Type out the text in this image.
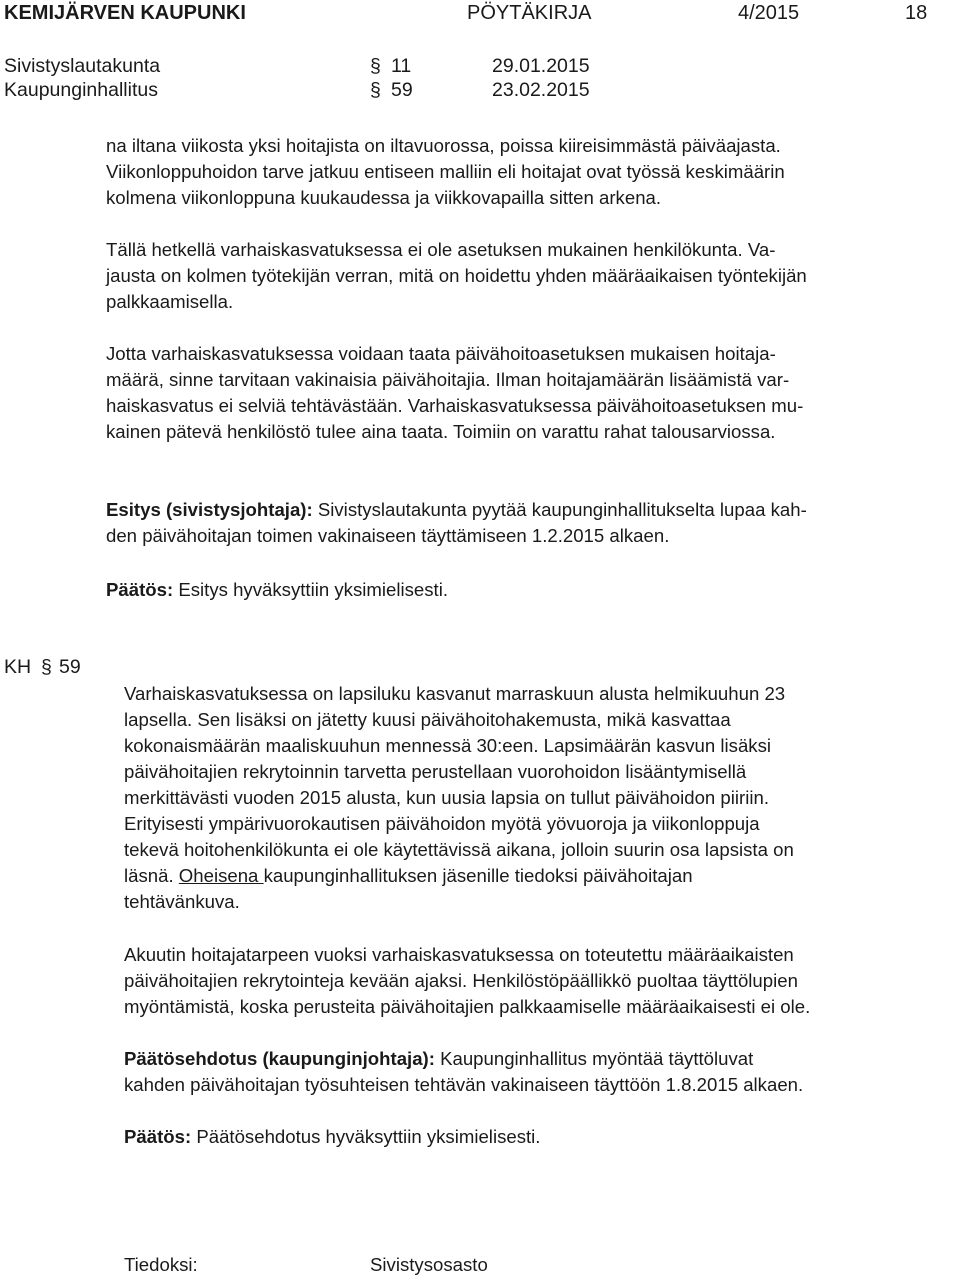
KEMIJÄRVEN KAUPUNKI	PÖYTÄKIRJA	4/2015	18
Sivistyslautakunta	§ 11	29.01.2015
Kaupunginhallitus	§ 59	23.02.2015
na iltana viikosta yksi hoitajista on iltavuorossa, poissa kiireisimmästä päiväajasta.
Viikonloppuhoidon tarve jatkuu entiseen malliin eli hoitajat ovat työssä keskimäärin
kolmena viikonloppuna kuukaudessa ja viikkovapailla sitten arkena.
Tällä hetkellä varhaiskasvatuksessa ei ole asetuksen mukainen henkilökunta. Va-
jausta on kolmen työtekijän verran, mitä on hoidettu yhden määräaikaisen työntekijän
palkkaamisella.
Jotta varhaiskasvatuksessa voidaan taata päivähoitoasetuksen mukaisen hoitaja-
määrä, sinne tarvitaan vakinaisia päivähoitajia. Ilman hoitajamäärän lisäämistä var-
haiskasvatus ei selviä tehtävästään. Varhaiskasvatuksessa päivähoitoasetuksen mu-
kainen pätevä henkilöstö tulee aina taata. Toimiin on varattu rahat talousarviossa.
Esitys (sivistysjohtaja): Sivistyslautakunta pyytää kaupunginhallitukselta lupaa kah-
den päivähoitajan toimen vakinaiseen täyttämiseen 1.2.2015 alkaen.
Päätös: Esitys hyväksyttiin yksimielisesti.
KH § 59
Varhaiskasvatuksessa on lapsiluku kasvanut marraskuun alusta helmikuuhun 23
lapsella. Sen lisäksi on jätetty kuusi päivähoitohakemusta, mikä kasvattaa
kokonaismäärän maaliskuuhun mennessä 30:een. Lapsimäärän kasvun lisäksi
päivähoitajien rekrytoinnin tarvetta perustellaan vuorohoidon lisääntymisellä
merkittävästi vuoden 2015 alusta, kun uusia lapsia on tullut päivähoidon piiriin.
Erityisesti ympärivuorokautisen päivähoidon myötä yövuoroja ja viikonloppuja
tekevä hoitohenkilökunta ei ole käytettävissä aikana, jolloin suurin osa lapsista on
läsnä. Oheisena kaupunginhallituksen jäsenille tiedoksi päivähoitajan
tehtävänkuva.
Akuutin hoitajatarpeen vuoksi varhaiskasvatuksessa on toteutettu määräaikaisten
päivähoitajien rekrytointeja kevään ajaksi. Henkilöstöpäällikkö puoltaa täyttölupien
myöntämistä, koska perusteita päivähoitajien palkkaamiselle määräaikaisesti ei ole.
Päätösehdotus (kaupunginjohtaja): Kaupunginhallitus myöntää täyttöluvat
kahden päivähoitajan työsuhteisen tehtävän vakinaiseen täyttöön 1.8.2015 alkaen.
Päätös: Päätösehdotus hyväksyttiin yksimielisesti.
Tiedoksi:	Sivistysosasto
